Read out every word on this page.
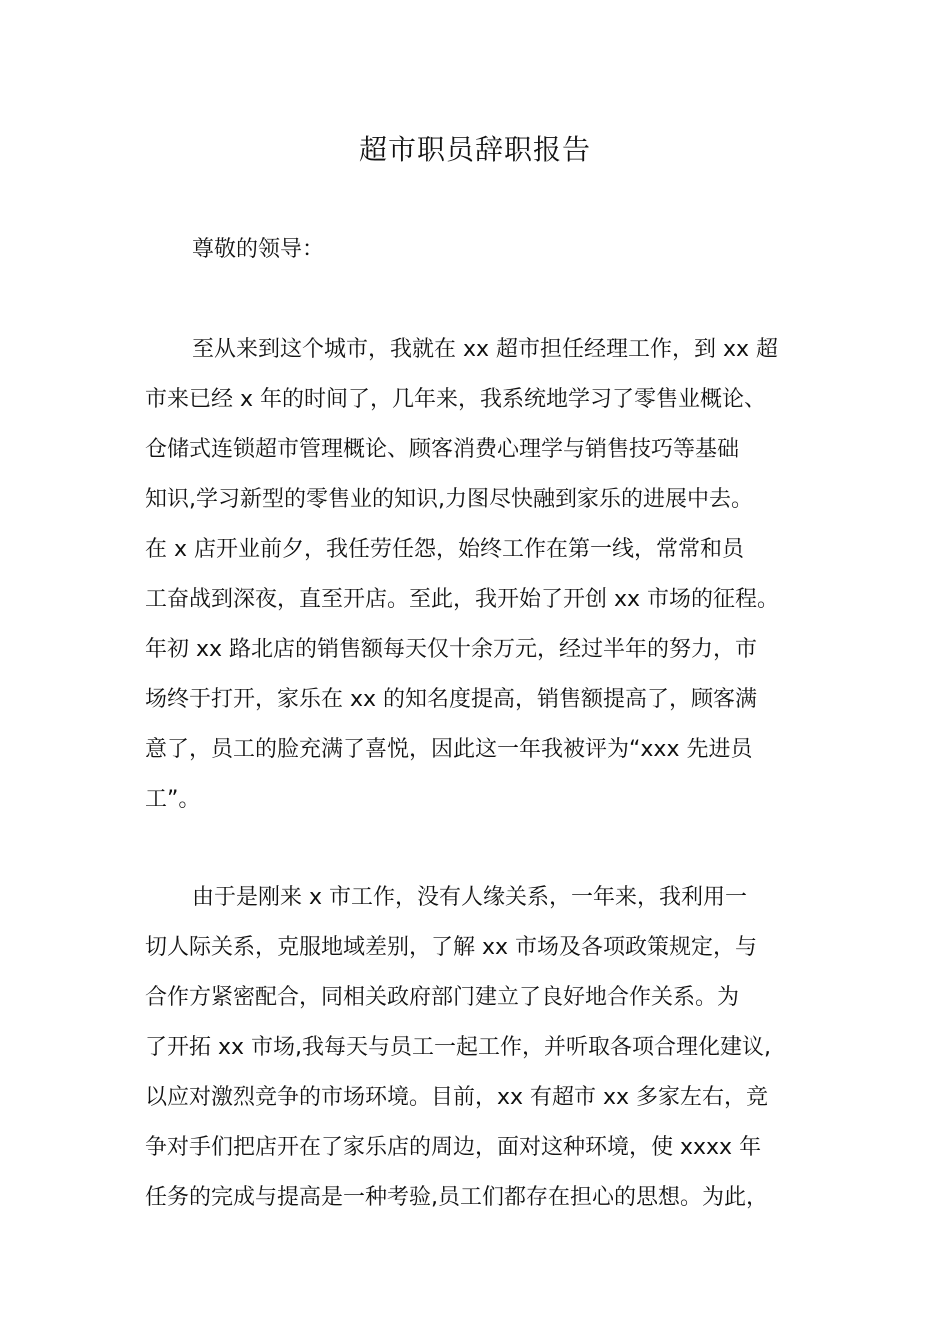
超市职员辞职报告
尊敬的领导：
至从来到这个城市，我就在 xx 超市担任经理工作，到 xx 超
市来已经 x 年的时间了，几年来，我系统地学习了零售业概论、
仓储式连锁超市管理概论、顾客消费心理学与销售技巧等基础
知识,学习新型的零售业的知识,力图尽快融到家乐的进展中去。
在 x 店开业前夕，我任劳任怨，始终工作在第一线，常常和员
工奋战到深夜，直至开店。至此，我开始了开创 xx 市场的征程。
年初 xx 路北店的销售额每天仅十余万元，经过半年的努力，市
场终于打开，家乐在 xx 的知名度提高，销售额提高了，顾客满
意了，员工的脸充满了喜悦，因此这一年我被评为“xxx 先进员
工”。
由于是刚来 x 市工作，没有人缘关系，一年来，我利用一
切人际关系，克服地域差别，了解 xx 市场及各项政策规定，与
合作方紧密配合，同相关政府部门建立了良好地合作关系。为
了开拓 xx 市场,我每天与员工一起工作，并听取各项合理化建议,
以应对激烈竞争的市场环境。目前，xx 有超市 xx 多家左右，竞
争对手们把店开在了家乐店的周边，面对这种环境，使 xxxx 年
任务的完成与提高是一种考验,员工们都存在担心的思想。为此，
